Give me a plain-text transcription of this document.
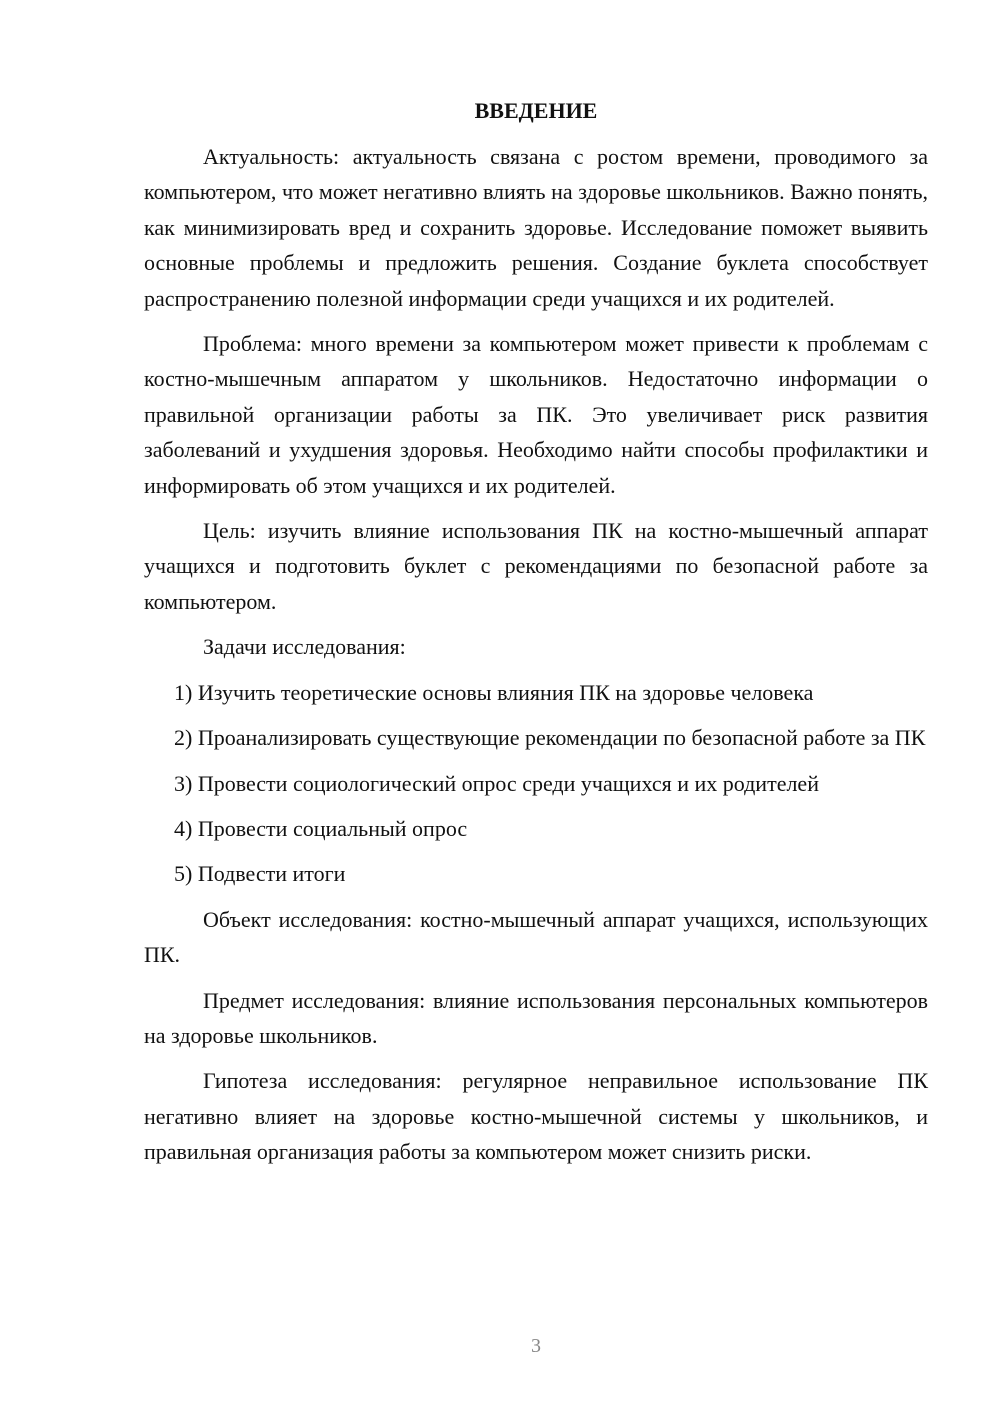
ВВЕДЕНИЕ

Актуальность: актуальность связана с ростом времени, проводимого за компьютером, что может негативно влиять на здоровье школьников. Важно понять, как минимизировать вред и сохранить здоровье. Исследование поможет выявить основные проблемы и предложить решения. Создание буклета способствует распространению полезной информации среди учащихся и их родителей.

Проблема: много времени за компьютером может привести к проблемам с костно-мышечным аппаратом у школьников. Недостаточно информации о правильной организации работы за ПК. Это увеличивает риск развития заболеваний и ухудшения здоровья. Необходимо найти способы профилактики и информировать об этом учащихся и их родителей.

Цель: изучить влияние использования ПК на костно-мышечный аппарат учащихся и подготовить буклет с рекомендациями по безопасной работе за компьютером.

Задачи исследования:

1) Изучить теоретические основы влияния ПК на здоровье человека

2) Проанализировать существующие рекомендации по безопасной работе за ПК

3) Провести социологический опрос среди учащихся и их родителей

4) Провести социальный опрос

5) Подвести итоги

Объект исследования: костно-мышечный аппарат учащихся, использующих ПК.

Предмет исследования: влияние использования персональных компьютеров на здоровье школьников.

Гипотеза исследования: регулярное неправильное использование ПК негативно влияет на здоровье костно-мышечной системы у школьников, и правильная организация работы за компьютером может снизить риски.

3
